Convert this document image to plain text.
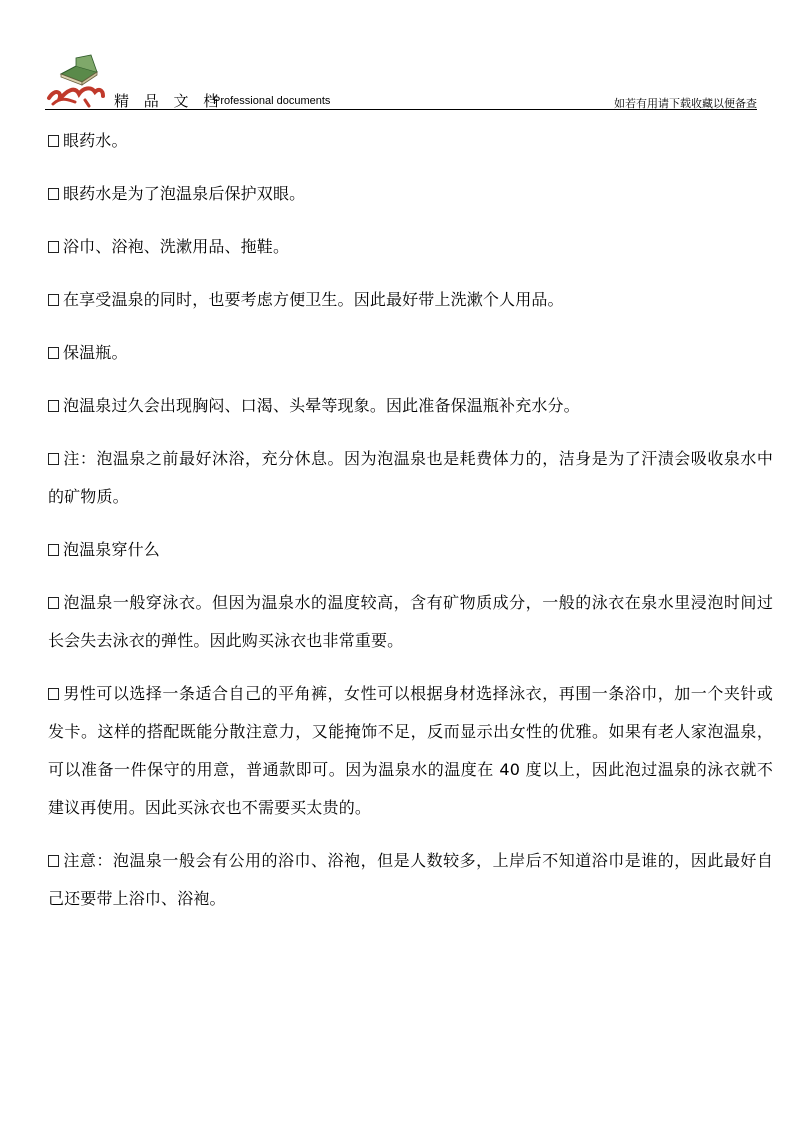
精 品 文 档
Professional documents	如若有用请下载收藏以便备查

眼药水。

眼药水是为了泡温泉后保护双眼。

浴巾、浴袍、洗漱用品、拖鞋。

在享受温泉的同时，也要考虑方便卫生。因此最好带上洗漱个人用品。

保温瓶。

泡温泉过久会出现胸闷、口渴、头晕等现象。因此准备保温瓶补充水分。

注：泡温泉之前最好沐浴，充分休息。因为泡温泉也是耗费体力的，洁身是为了汗渍会吸收泉水中的矿物质。

泡温泉穿什么

泡温泉一般穿泳衣。但因为温泉水的温度较高，含有矿物质成分，一般的泳衣在泉水里浸泡时间过长会失去泳衣的弹性。因此购买泳衣也非常重要。

男性可以选择一条适合自己的平角裤，女性可以根据身材选择泳衣，再围一条浴巾，加一个夹针或发卡。这样的搭配既能分散注意力，又能掩饰不足，反而显示出女性的优雅。如果有老人家泡温泉，可以准备一件保守的用意，普通款即可。因为温泉水的温度在 40 度以上，因此泡过温泉的泳衣就不建议再使用。因此买泳衣也不需要买太贵的。

注意：泡温泉一般会有公用的浴巾、浴袍，但是人数较多，上岸后不知道浴巾是谁的，因此最好自己还要带上浴巾、浴袍。
